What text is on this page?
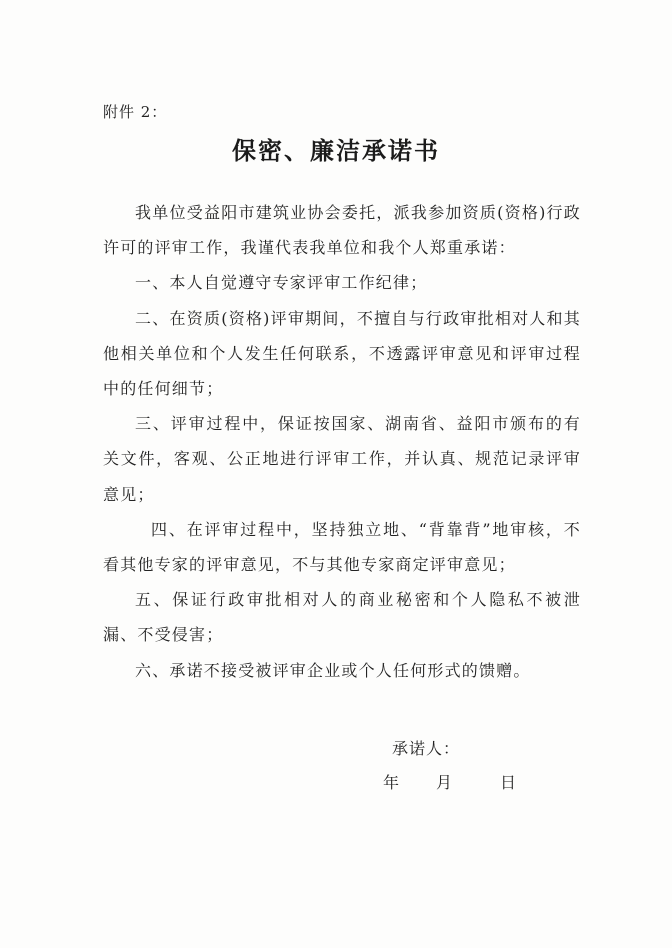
附件 2：
保密、廉洁承诺书

我单位受益阳市建筑业协会委托，派我参加资质(资格)行政许可的评审工作，我谨代表我单位和我个人郑重承诺：

一、本人自觉遵守专家评审工作纪律；

二、在资质(资格)评审期间，不擅自与行政审批相对人和其他相关单位和个人发生任何联系，不透露评审意见和评审过程中的任何细节；

三、评审过程中，保证按国家、湖南省、益阳市颁布的有关文件，客观、公正地进行评审工作，并认真、规范记录评审意见；

四、在评审过程中，坚持独立地、“背靠背”地审核，不看其他专家的评审意见，不与其他专家商定评审意见；

五、保证行政审批相对人的商业秘密和个人隐私不被泄漏、不受侵害；

六、承诺不接受被评审企业或个人任何形式的馈赠。

承诺人：
年 月	日
